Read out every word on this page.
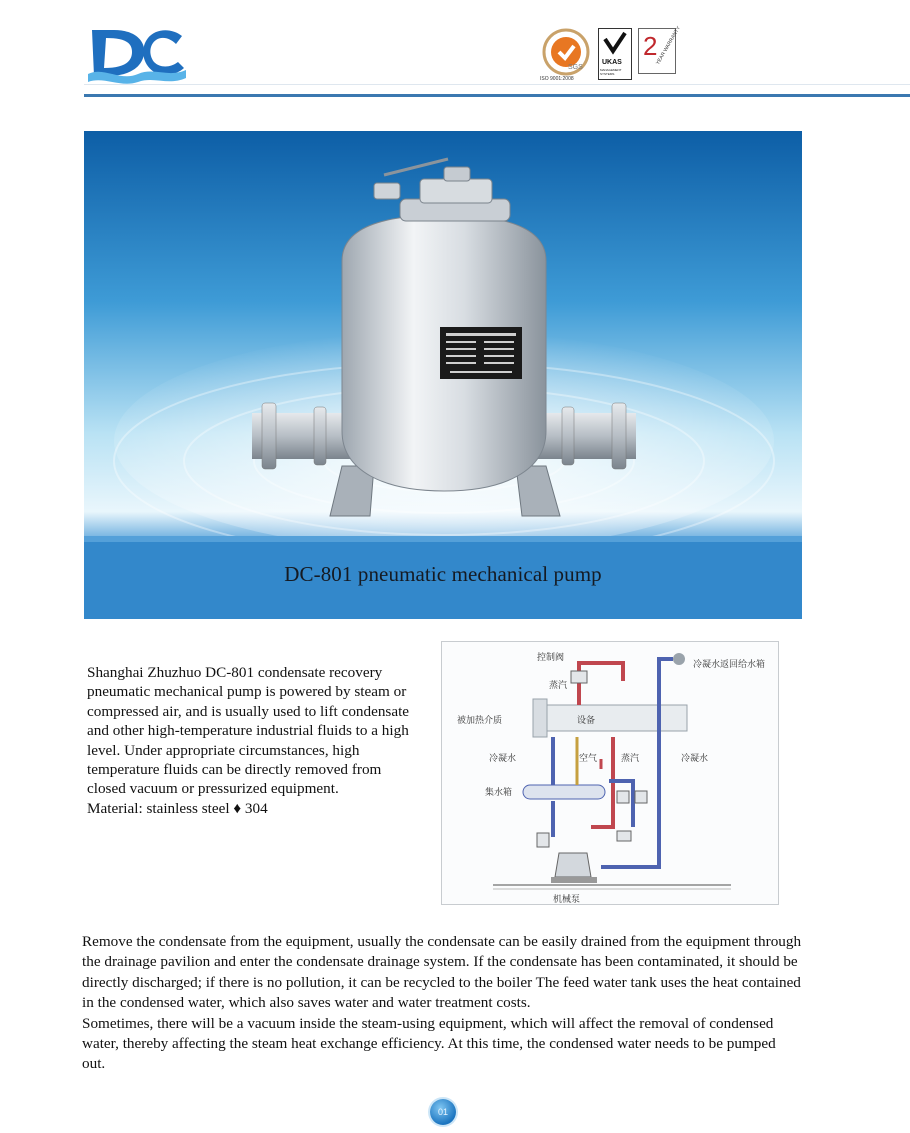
DC
SGS
ISO 9001:2008
UKAS
MANAGEMENT SYSTEMS
2
YEAR WARRANTY
DC-801 pneumatic mechanical pump
Shanghai Zhuzhuo DC-801 condensate recovery pneumatic mechanical pump is powered by steam or compressed air, and is usually used to lift condensate and other high-temperature industrial fluids to a high level. Under appropriate circumstances, high temperature fluids can be directly removed from closed vacuum or pressurized equipment.
Material: stainless steel ♦ 304
控制阀
蒸汽
冷凝水返回给水箱
被加热介质	设备
冷凝水	空气	蒸汽	冷凝水
集水箱
机械泵

Remove the condensate from the equipment, usually the condensate can be easily drained from the equipment through the drainage pavilion and enter the condensate drainage system. If the condensate has been contaminated, it should be directly discharged; if there is no pollution, it can be recycled to the boiler The feed water tank uses the heat contained in the condensed water, which also saves water and water treatment costs.

Sometimes, there will be a vacuum inside the steam-using equipment, which will affect the removal of condensed water, thereby affecting the steam heat exchange efficiency. At this time, the condensed water needs to be pumped out.

01
